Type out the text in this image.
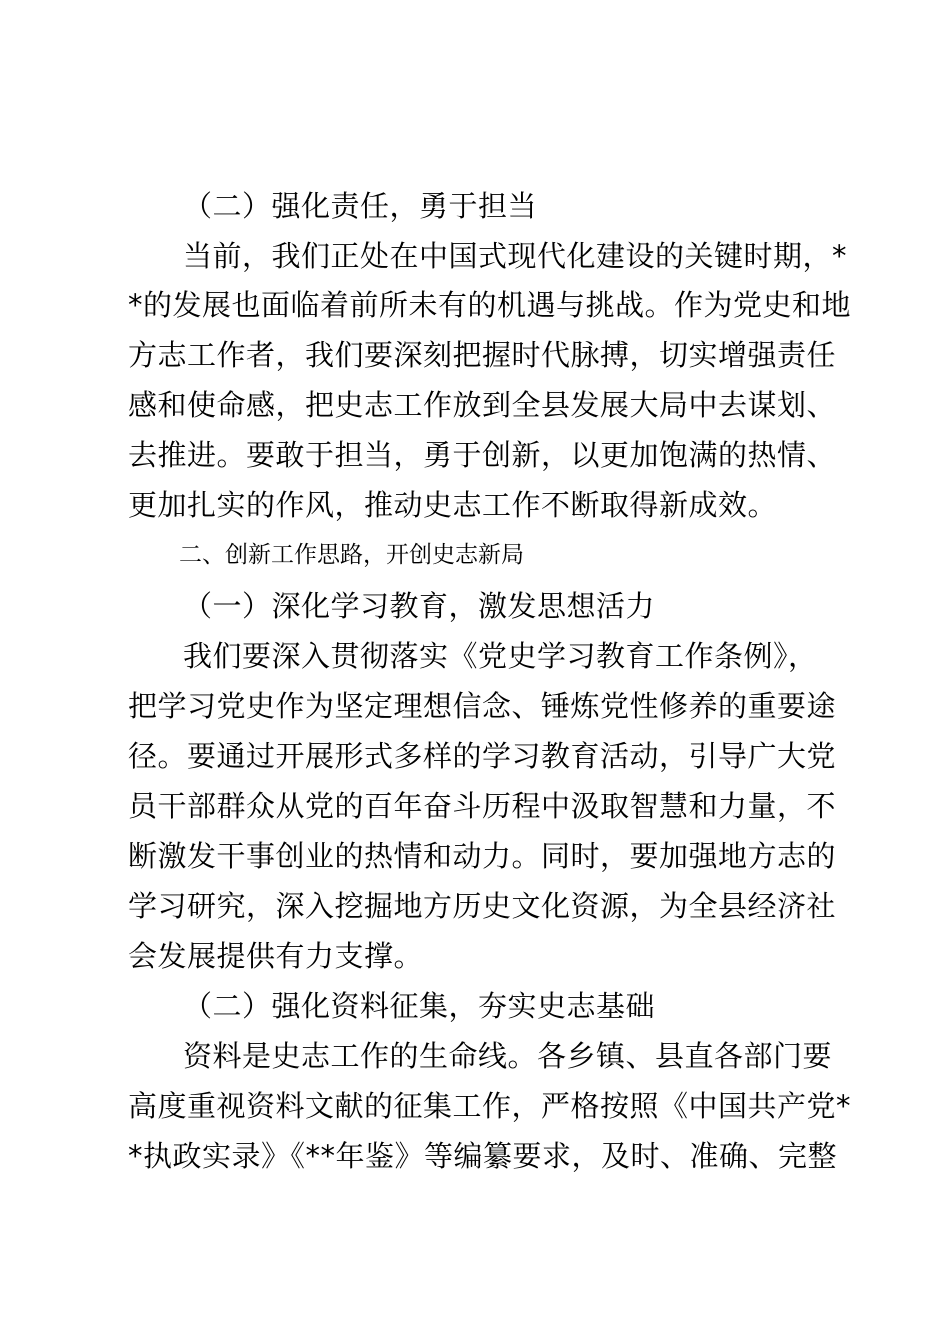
（二）强化责任，勇于担当
当前，我们正处在中国式现代化建设的关键时期，*
*的发展也面临着前所未有的机遇与挑战。作为党史和地
方志工作者，我们要深刻把握时代脉搏，切实增强责任
感和使命感，把史志工作放到全县发展大局中去谋划、
去推进。要敢于担当，勇于创新，以更加饱满的热情、
更加扎实的作风，推动史志工作不断取得新成效。
二、创新工作思路，开创史志新局
（一）深化学习教育，激发思想活力
我们要深入贯彻落实《党史学习教育工作条例》，
把学习党史作为坚定理想信念、锤炼党性修养的重要途
径。要通过开展形式多样的学习教育活动，引导广大党
员干部群众从党的百年奋斗历程中汲取智慧和力量，不
断激发干事创业的热情和动力。同时，要加强地方志的
学习研究，深入挖掘地方历史文化资源，为全县经济社
会发展提供有力支撑。
（二）强化资料征集，夯实史志基础
资料是史志工作的生命线。各乡镇、县直各部门要
高度重视资料文献的征集工作，严格按照《中国共产党*
*执政实录》《**年鉴》等编纂要求，及时、准确、完整
